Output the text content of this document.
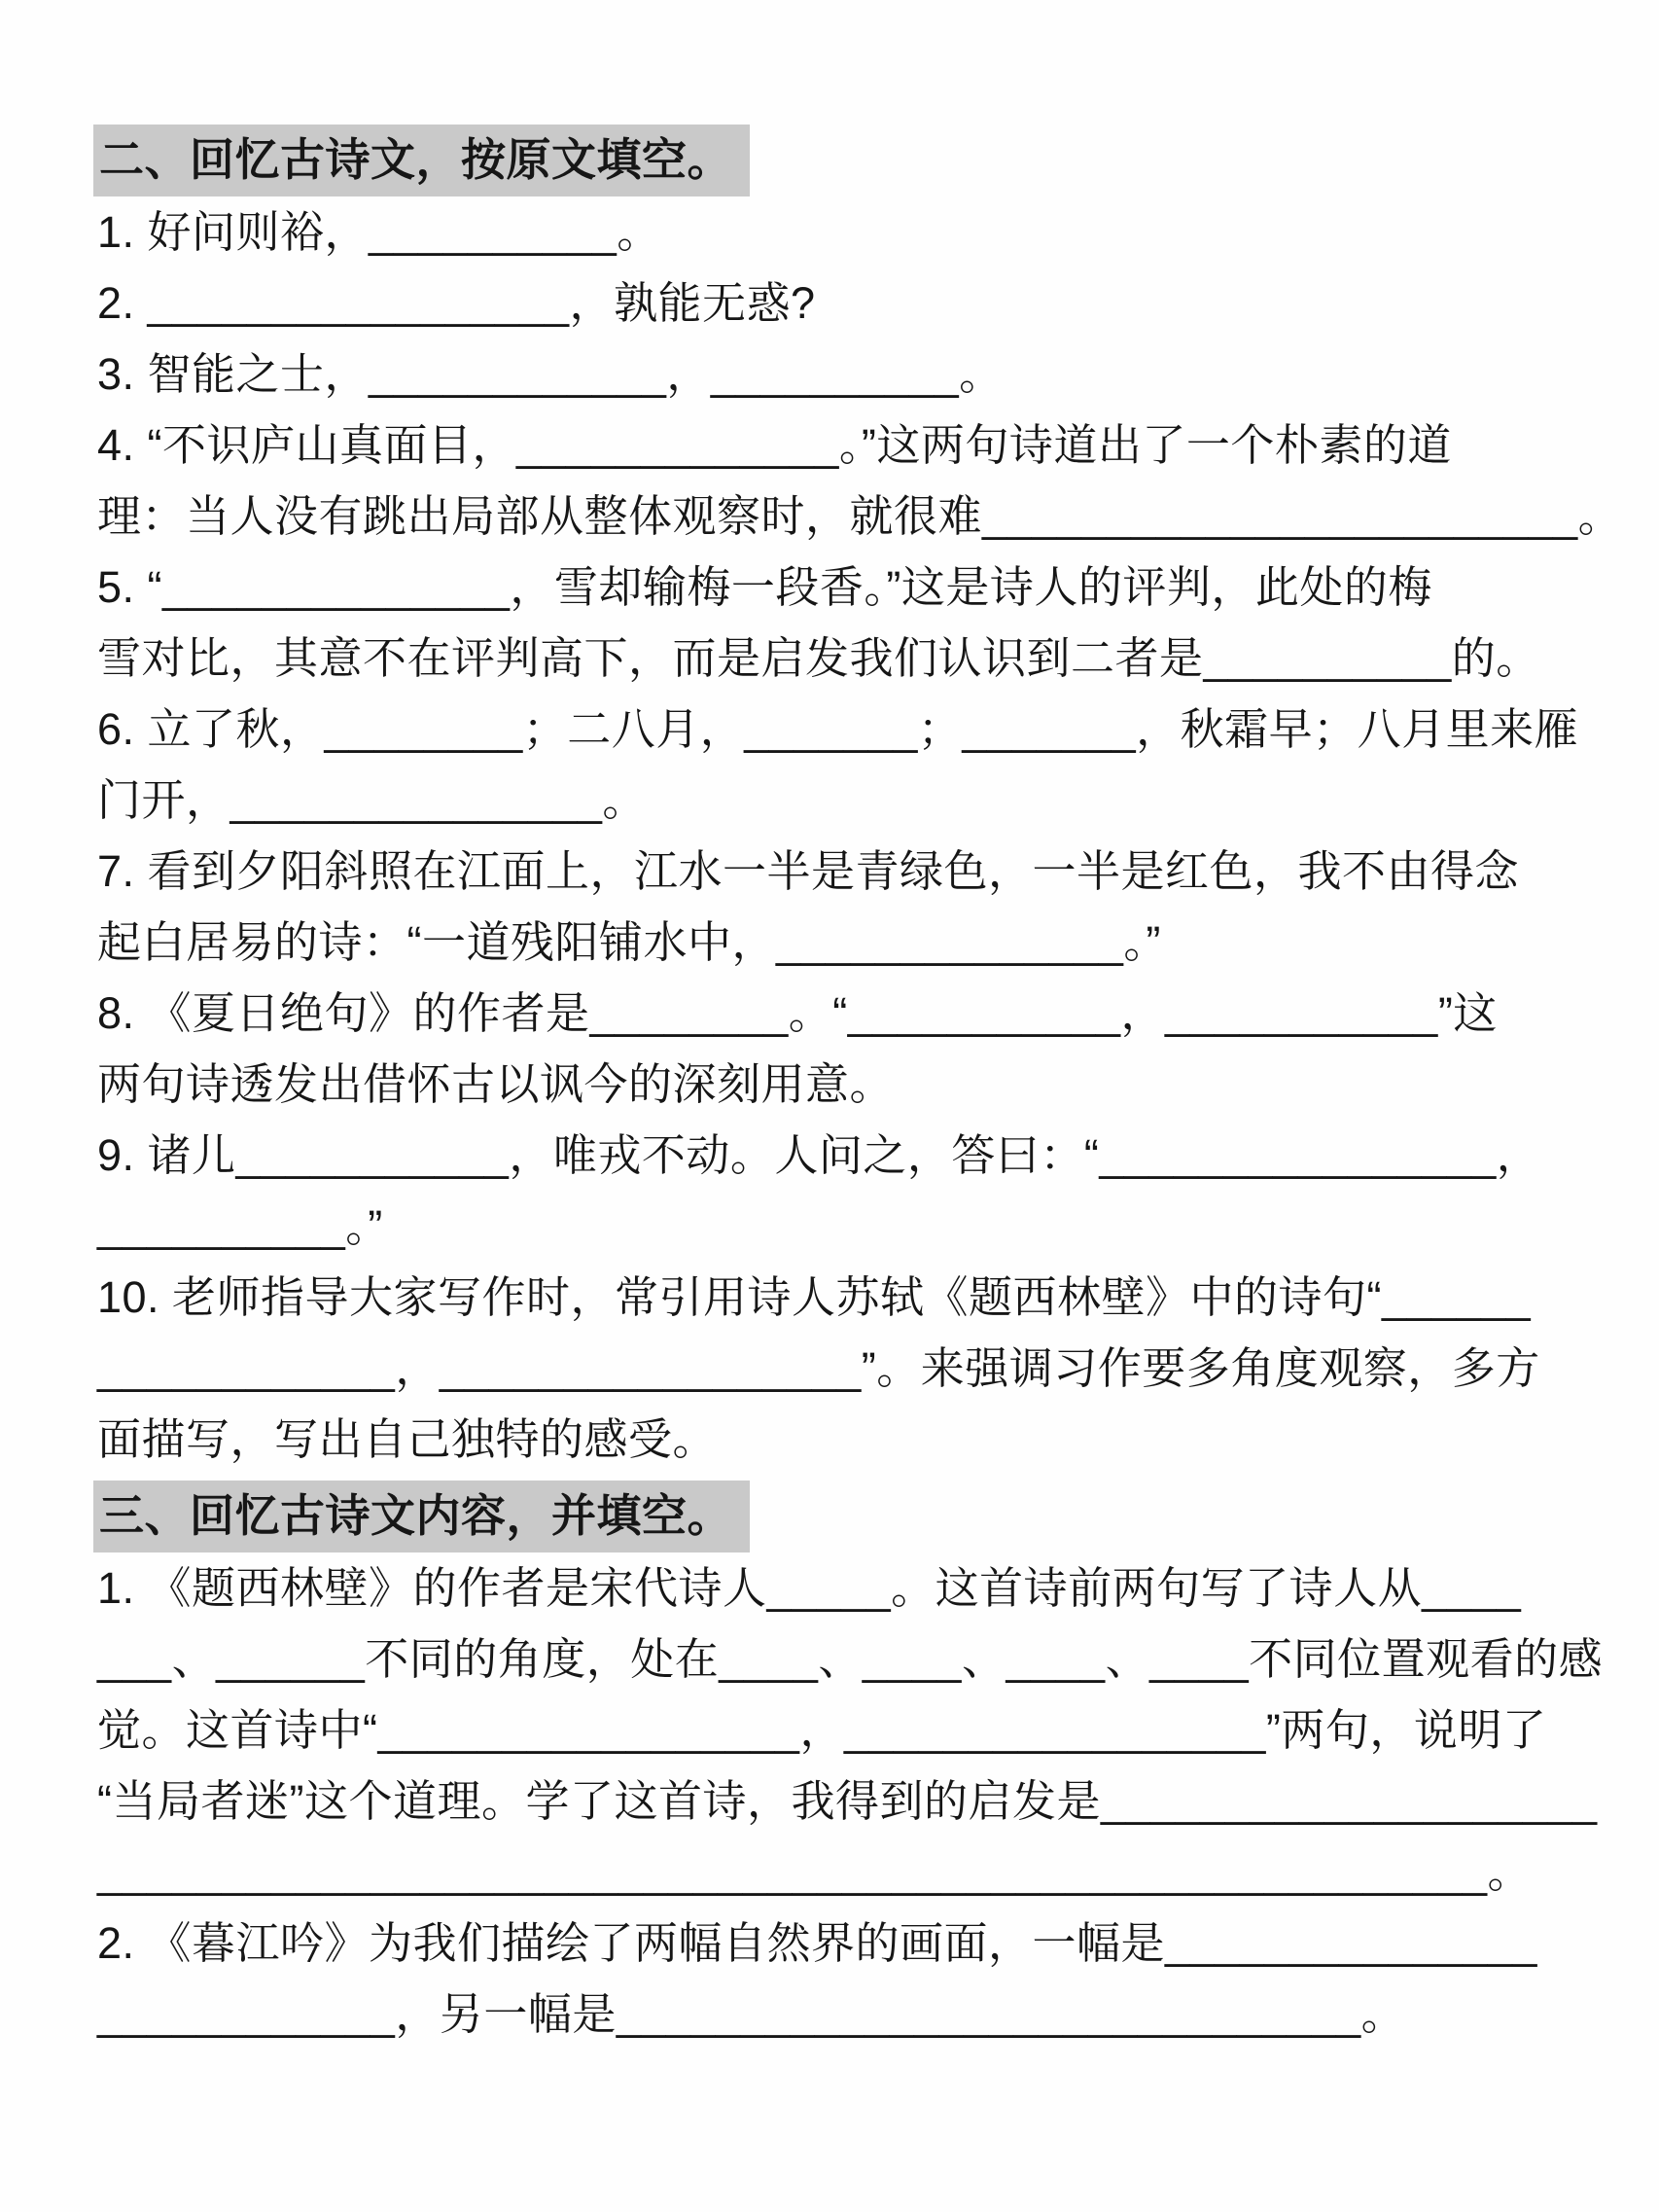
二、回忆古诗文，按原文填空。
1. 好问则裕，__________。
2. _________________，孰能无惑?
3. 智能之士，____________，__________。
4. “不识庐山真面目，_____________。”这两句诗道出了一个朴素的道
理：当人没有跳出局部从整体观察时，就很难________________________。
5. “______________，雪却输梅一段香。”这是诗人的评判，此处的梅
雪对比，其意不在评判高下，而是启发我们认识到二者是__________的。
6. 立了秋，________；二八月，_______；_______，秋霜早；八月里来雁
门开，_______________。
7. 看到夕阳斜照在江面上，江水一半是青绿色，一半是红色，我不由得念
起白居易的诗：“一道残阳铺水中，______________。”
8. 《夏日绝句》的作者是________。“___________，___________”这
两句诗透发出借怀古以讽今的深刻用意。
9. 诸儿___________，唯戎不动。人问之，答曰：“________________，
__________。”
10. 老师指导大家写作时，常引用诗人苏轼《题西林壁》中的诗句“______
____________，_________________”。来强调习作要多角度观察，多方
面描写，写出自己独特的感受。
三、回忆古诗文内容，并填空。
1. 《题西林壁》的作者是宋代诗人_____。这首诗前两句写了诗人从____
___、______不同的角度，处在____、____、____、____不同位置观看的感
觉。这首诗中“_________________，_________________”两句，说明了
“当局者迷”这个道理。学了这首诗，我得到的启发是____________________
________________________________________________________。
2. 《暮江吟》为我们描绘了两幅自然界的画面，一幅是_______________
____________，另一幅是______________________________。
